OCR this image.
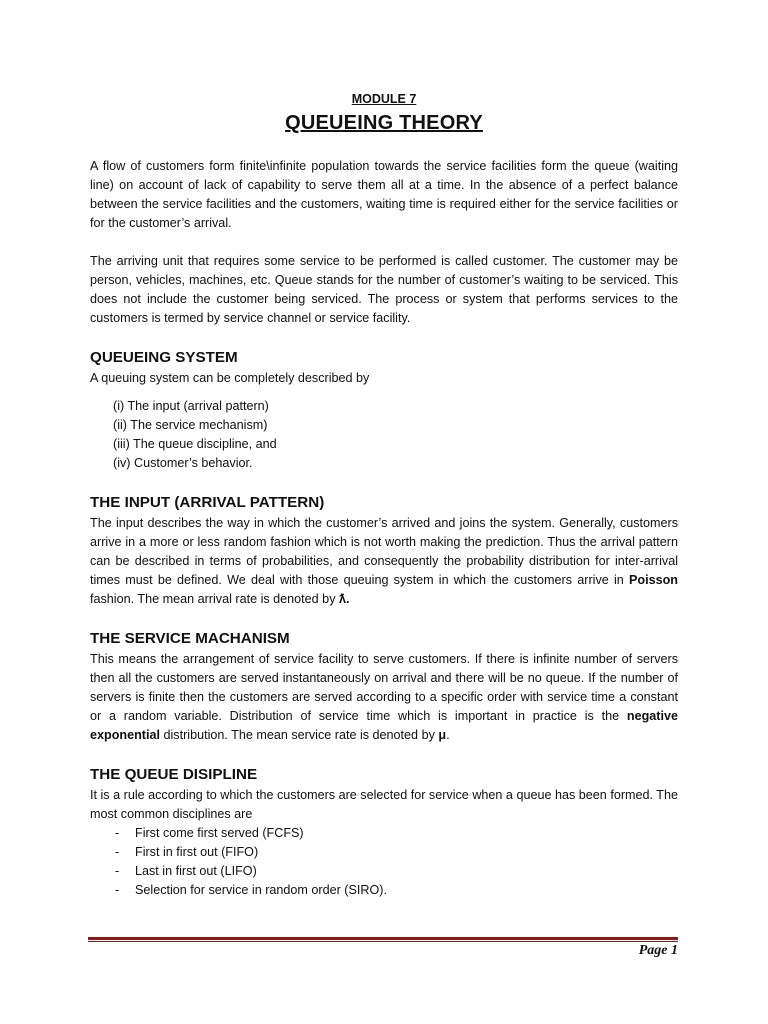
MODULE 7
QUEUEING THEORY

A flow of customers form finite\infinite population towards the service facilities form the queue (waiting line) on account of lack of capability to serve them all at a time. In the absence of a perfect balance between the service facilities and the customers, waiting time is required either for the service facilities or for the customer’s arrival.

The arriving unit that requires some service to be performed is called customer. The customer may be person, vehicles, machines, etc. Queue stands for the number of customer’s waiting to be serviced. This does not include the customer being serviced. The process or system that performs services to the customers is termed by service channel or service facility.

QUEUEING SYSTEM

A queuing system can be completely described by

(i) The input (arrival pattern)
(ii) The service mechanism)
(iii) The queue discipline, and
(iv) Customer’s behavior.
THE INPUT (ARRIVAL PATTERN)

The input describes the way in which the customer’s arrived and joins the system. Generally, customers arrive in a more or less random fashion which is not worth making the prediction. Thus the arrival pattern can be described in terms of probabilities, and consequently the probability distribution for inter-arrival times must be defined. We deal with those queuing system in which the customers arrive in Poisson fashion. The mean arrival rate is denoted by ƛ.

THE SERVICE MACHANISM

This means the arrangement of service facility to serve customers. If there is infinite number of servers then all the customers are served instantaneously on arrival and there will be no queue. If the number of servers is finite then the customers are served according to a specific order with service time a constant or a random variable. Distribution of service time which is important in practice is the negative exponential distribution. The mean service rate is denoted by μ.

THE QUEUE DISIPLINE

It is a rule according to which the customers are selected for service when a queue has been formed. The most common disciplines are

- First come first served (FCFS)
- First in first out (FIFO)
- Last in first out (LIFO)
- Selection for service in random order (SIRO).
Page 1
